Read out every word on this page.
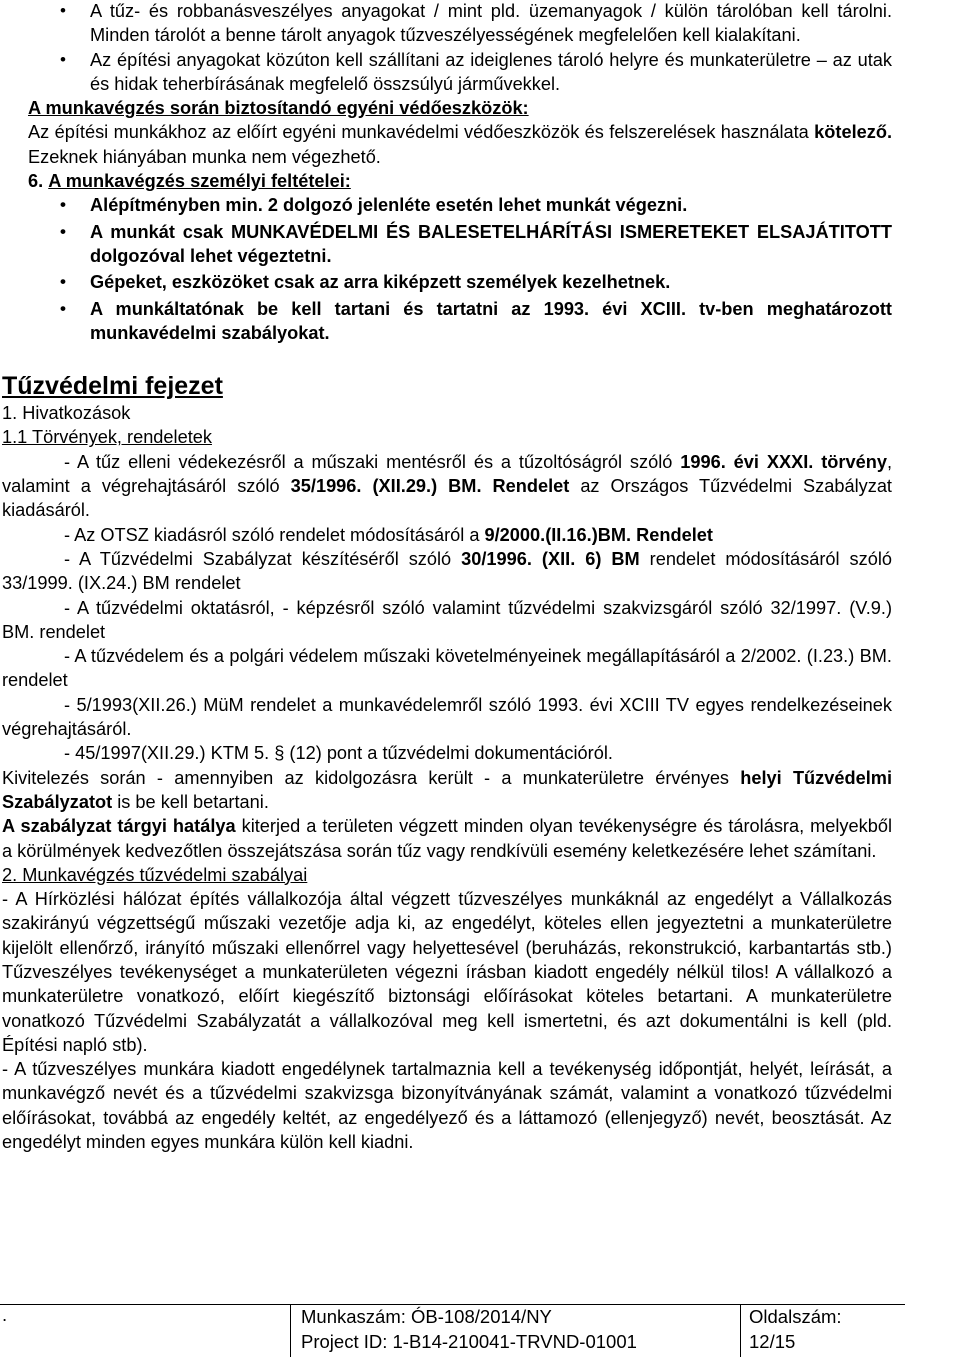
• A tűz- és robbanásveszélyes anyagokat / mint pld. üzemanyagok / külön tárolóban kell tárolni. Minden tárolót a benne tárolt anyagok tűzveszélyességének megfelelően kell kialakítani.
• Az építési anyagokat közúton kell szállítani az ideiglenes tároló helyre és munkaterületre – az utak és hidak teherbírásának megfelelő összsúlyú járművekkel.
A munkavégzés során biztosítandó egyéni védőeszközök:
Az építési munkákhoz az előírt egyéni munkavédelmi védőeszközök és felszerelések használata kötelező. Ezeknek hiányában munka nem végezhető.
6. A munkavégzés személyi feltételei:
• Alépítményben min. 2 dolgozó jelenléte esetén lehet munkát végezni.
• A munkát csak MUNKAVÉDELMI ÉS BALESETELHÁRÍTÁSI ISMERETEKET ELSAJÁTITOTT dolgozóval lehet végeztetni.
• Gépeket, eszközöket csak az arra kiképzett személyek kezelhetnek.
• A munkáltatónak be kell tartani és tartatni az 1993. évi XCIII. tv-ben meghatározott munkavédelmi szabályokat.
Tűzvédelmi fejezet
1. Hivatkozások
1.1 Törvények, rendeletek
- A tűz elleni védekezésről a műszaki mentésről és a tűzoltóságról szóló 1996. évi XXXI. törvény, valamint a végrehajtásáról szóló 35/1996. (XII.29.) BM. Rendelet az Országos Tűzvédelmi Szabályzat kiadásáról.
- Az OTSZ kiadásról szóló rendelet módosításáról a 9/2000.(II.16.)BM. Rendelet
- A Tűzvédelmi Szabályzat készítéséről szóló 30/1996. (XII. 6) BM rendelet módosításáról szóló 33/1999. (IX.24.) BM rendelet
- A tűzvédelmi oktatásról, - képzésről szóló valamint tűzvédelmi szakvizsgáról szóló 32/1997. (V.9.) BM. rendelet
- A tűzvédelem és a polgári védelem műszaki követelményeinek megállapításáról a 2/2002. (I.23.) BM. rendelet
- 5/1993(XII.26.) MüM rendelet a munkavédelemről szóló 1993. évi XCIII TV egyes rendelkezéseinek végrehajtásáról.
- 45/1997(XII.29.) KTM 5. § (12) pont a tűzvédelmi dokumentációról.
Kivitelezés során - amennyiben az kidolgozásra került - a munkaterületre érvényes helyi Tűzvédelmi Szabályzatot is be kell betartani.
A szabályzat tárgyi hatálya kiterjed a területen végzett minden olyan tevékenységre és tárolásra, melyekből a körülmények kedvezőtlen összejátszása során tűz vagy rendkívüli esemény keletkezésére lehet számítani.
2. Munkavégzés tűzvédelmi szabályai
- A Hírközlési hálózat építés vállalkozója által végzett tűzveszélyes munkáknál az engedélyt a Vállalkozás szakirányú végzettségű műszaki vezetője adja ki, az engedélyt, köteles ellen jegyeztetni a munkaterületre kijelölt ellenőrző, irányító műszaki ellenőrrel vagy helyettesével (beruházás, rekonstrukció, karbantartás stb.) Tűzveszélyes tevékenységet a munkaterületen végezni írásban kiadott engedély nélkül tilos! A vállalkozó a munkaterületre vonatkozó, előírt kiegészítő biztonsági előírásokat köteles betartani. A munkaterületre vonatkozó Tűzvédelmi Szabályzatát a vállalkozóval meg kell ismertetni, és azt dokumentálni is kell (pld. Építési napló stb).
- A tűzveszélyes munkára kiadott engedélynek tartalmaznia kell a tevékenység időpontját, helyét, leírását, a munkavégző nevét és a tűzvédelmi szakvizsga bizonyítványának számát, valamint a vonatkozó tűzvédelmi előírásokat, továbbá az engedély keltét, az engedélyező és a láttamozó (ellenjegyző) nevét, beosztását. Az engedélyt minden egyes munkára külön kell kiadni.
.	Munkaszám: ÓB-108/2014/NY
Project ID: 1-B14-210041-TRVND-01001
Oldalszám:
12/15
